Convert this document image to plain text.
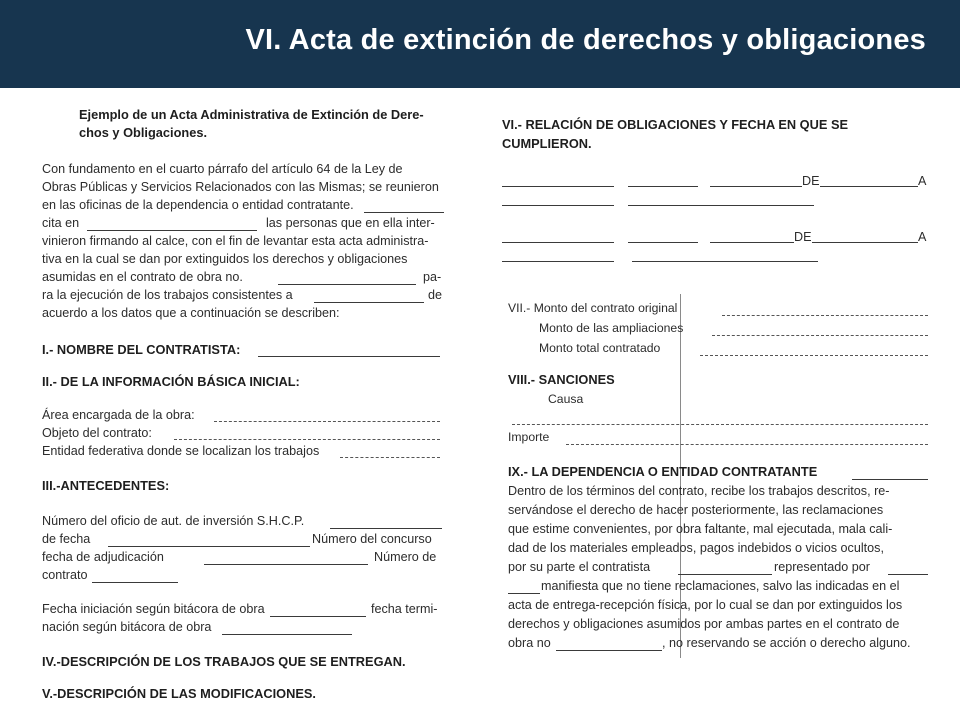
VI. Acta de extinción de derechos y obligaciones
Ejemplo de un Acta Administrativa de Extinción de Dere-
chos y Obligaciones.
Con fundamento en el cuarto párrafo del artículo 64 de la Ley de
Obras Públicas y Servicios Relacionados con las Mismas; se reunieron
en las oficinas de la dependencia o entidad contratante.
cita en	las personas que en ella inter-
vinieron firmando al calce, con el fin de levantar esta acta administra-
tiva en la cual se dan por extinguidos los derechos y obligaciones
asumidas en el contrato de obra no.	pa-
ra la ejecución de los trabajos consistentes a	de
acuerdo a los datos que a continuación se describen:
I.- NOMBRE DEL CONTRATISTA:
II.- DE LA INFORMACIÓN BÁSICA INICIAL:
Área encargada de la obra:
Objeto del contrato:
Entidad federativa donde se localizan los trabajos
III.-ANTECEDENTES:
Número del oficio de aut. de inversión S.H.C.P.
de fecha	Número del concurso
fecha de adjudicación	Número de
contrato
Fecha iniciación según bitácora de obra	fecha termi-
nación según bitácora de obra
IV.-DESCRIPCIÓN DE LOS TRABAJOS QUE SE ENTREGAN.
V.-DESCRIPCIÓN DE LAS MODIFICACIONES.
VI.- RELACIÓN DE OBLIGACIONES Y FECHA EN QUE SE
CUMPLIERON.
DE	A
DE	A
VII.- Monto del contrato original
Monto de las ampliaciones
Monto total contratado
VIII.- SANCIONES
Causa
Importe
IX.- LA DEPENDENCIA O ENTIDAD CONTRATANTE
Dentro de los términos del contrato, recibe los trabajos descritos, re-
servándose el derecho de hacer posteriormente, las reclamaciones
que estime convenientes, por obra faltante, mal ejecutada, mala cali-
dad de los materiales empleados, pagos indebidos o vicios ocultos,
por su parte el contratista	representado por
manifiesta que no tiene reclamaciones, salvo las indicadas en el
acta de entrega-recepción física, por lo cual se dan por extinguidos los
derechos y obligaciones asumidos por ambas partes en el contrato de
obra no	, no reservando se acción o derecho alguno.
